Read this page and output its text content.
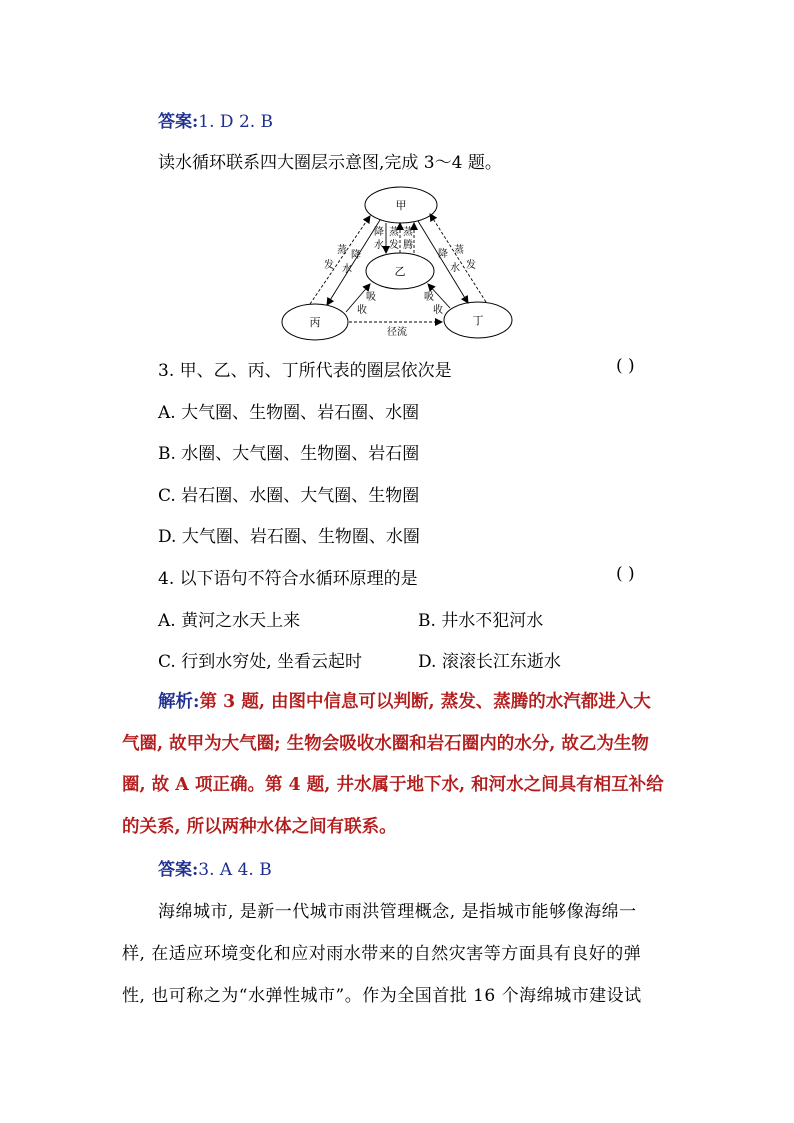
答案:1. D 2. B
读水循环联系四大圈层示意图,完成 3～4 题。
甲
乙
丙	丁
蒸
发
降
水
降
水
蒸
发
蒸
腾
降
水
蒸
发
吸
收
吸
收
径流
3. 甲、乙、丙、丁所代表的圈层依次是	( )
A. 大气圈、生物圈、岩石圈、水圈
B. 水圈、大气圈、生物圈、岩石圈
C. 岩石圈、水圈、大气圈、生物圈
D. 大气圈、岩石圈、生物圈、水圈
4. 以下语句不符合水循环原理的是	( )
A. 黄河之水天上来	B. 井水不犯河水
C. 行到水穷处, 坐看云起时	D. 滚滚长江东逝水
解析:第 3 题, 由图中信息可以判断, 蒸发、蒸腾的水汽都进入大
气圈, 故甲为大气圈; 生物会吸收水圈和岩石圈内的水分, 故乙为生物
圈, 故 A 项正确。第 4 题, 井水属于地下水, 和河水之间具有相互补给
的关系, 所以两种水体之间有联系。
答案:3. A 4. B
海绵城市, 是新一代城市雨洪管理概念, 是指城市能够像海绵一
样, 在适应环境变化和应对雨水带来的自然灾害等方面具有良好的弹
性, 也可称之为“水弹性城市”。作为全国首批 16 个海绵城市建设试
